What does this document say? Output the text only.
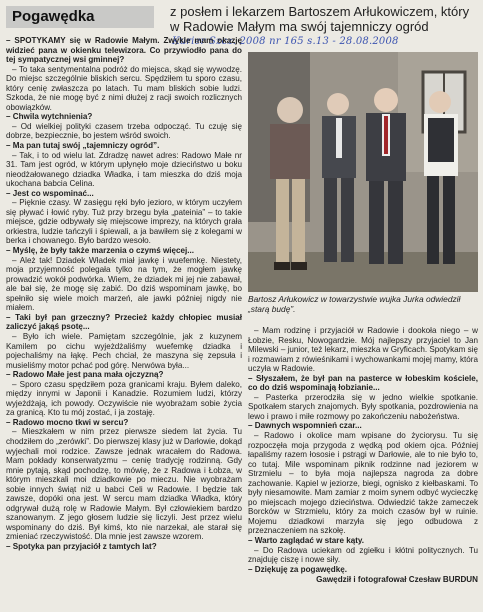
Pogawędka	z posłem i lekarzem Bartoszem Arłukowiczem, który w Radowie Małym ma swój tajemniczy ogród
Kurier Szcz. 2008 nr 165 s.13 - 28.08.2008

– SPOTYKAMY się w Radowie Małym. Zwykle mam okazję widzieć pana w okienku telewizora. Co przywiodło pana do tej sympatycznej wsi gminnej?

– To taka sentymentalna podróż do miejsca, skąd się wywodzę. Do miejsc szczególnie bliskich sercu. Spędziłem tu sporo czasu, który cenię zwłaszcza po latach. Tu mam bliskich sobie ludzi. Szkoda, że nie mogę być z nimi dłużej z racji swoich rozlicznych obowiązków.

– Chwila wytchnienia?

– Od wielkiej polityki czasem trzeba odpocząć. Tu czuję się dobrze, bezpiecznie, bo jestem wśród swoich.

– Ma pan tutaj swój „tajemniczy ogród”.

– Tak, i to od wielu lat. Zdradzę nawet adres: Radowo Małe nr 31. Tam jest ogród, w którym upłynęło moje dzieciństwo u boku nieodżałowanego dziadka Władka, i tam mieszka do dziś moja ukochana babcia Celina.

– Jest co wspominać...

– Pięknie czasy. W zasięgu ręki było jezioro, w którym uczyłem się pływać i łowić ryby. Tuż przy brzegu była „pateinia” – to takie miejsce, gdzie odbywały się miejscowe imprezy, na których grała orkiestra, ludzie tańczyli i śpiewali, a ja bawiłem się z kolegami w berka i chowanego. Było bardzo wesoło.

– Myślę, że były także marzenia o czymś więcej...

– Ależ tak! Dziadek Władek miał jawkę i wuefemkę. Niestety, moja przyjemność polegała tylko na tym, że mogłem jawkę prowadzić wokół podwórka. Wiem, że dziadek mi jej nie zabawał, ale bał się, że mogę się zabić. Do dziś wspominam jawkę, bo spełniło się wiele moich marzeń, ale jawki później nigdy nie miałem.

– Taki był pan grzeczny? Przecież każdy chłopiec musiał zaliczyć jakąś psotę...

– Było ich wiele. Pamiętam szczególnie, jak z kuzynem Kamilem po cichu wyjeżdżaliśmy wuefemkę dziadka i pojechaliśmy na łąkę. Pech chciał, że maszyna się zepsuła i musieliśmy motor pchać pod górę. Nerwówa była...

– Radowo Małe jest pana mała ojczyzną?

– Sporo czasu spędziłem poza granicami kraju. Byłem daleko, między innymi w Japonii i Kanadzie. Rozumiem ludzi, którzy wyjeżdżają, ich powody. Oczywiście nie wyobrażam sobie życia za granicą. Kto tu mój zostać, i ja zostaję.

– Radowo mocno tkwi w sercu?

– Mieszkałem w nim przez pierwsze siedem lat życia. Tu chodziłem do „zerówki”. Do pierwszej klasy już w Darłowie, dokąd wyjechali moi rodzice. Zawsze jednak wracałem do Radowa. Mam pokłady konserwatyzmu – cenię tradycję rodzinną. Gdy mnie pytają, skąd pochodzę, to mówię, że z Radowa i Łobza, w którym mieszkali moi dziadkowie po mieczu. Nie wyobrażam sobie innych świąt niż u babci Celi w Radowie. I będzie tak zawsze, dopóki ona jest. W sercu mam dziadka Władka, który odgrywał dużą rolę w Radowie Małym. Był człowiekiem bardzo szanowanym. Z jego głosem ludzie się liczyli. Jest przez wielu wspominany do dziś. Był kimś, kto nie narzekał, ale starał się zmieniać rzeczywistość. Dla mnie jest zawsze wzorem.

– Spotyka pan przyjaciół z tamtych lat?

Bartosz Arłukowicz w towarzystwie wujka Jurka odwiedził „starą budę”.

– Mam rodzinę i przyjaciół w Radowie i dookoła niego – w Łobzie, Resku, Nowogardzie. Mój najlepszy przyjaciel to Jan Milewski – junior, też lekarz, mieszka w Gryficach. Spotykam się i rozmawiam z rówieśnikami i wychowankami mojej mamy, która uczyła w Radowie.

– Słyszałem, że był pan na pasterce w łobeskim kościele, co do dziś wspominają łobzianie...

– Pasterka przerodziła się w jedno wielkie spotkanie. Spotkałem starych znajomych. Były spotkania, pozdrowienia na lewo i prawo i miłe rozmowy po zakończeniu nabożeństwa.

– Dawnych wspomnień czar...

– Radowo i okolice mam wpisane do życiorysu. Tu się rozpoczęła moja przygoda z wędką pod okiem ojca. Później łapaliśmy razem łososie i pstrągi w Darłowie, ale to nie było to, co tutaj. Mile wspominam piknik rodzinne nad jeziorem w Strzmielu – to była moja najlepsza nagroda za dobre zachowanie. Kąpiel w jeziorze, biegi, ognisko z kiełbaskami. To były niesamowite. Mam zamiar z moim synem odbyć wycieczkę po miejscach mojego dzieciństwa. Odwiedzić także zameczek Borcków w Strzmielu, który za moich czasów był w ruinie. Mojemu dziadkowi marzyła się jego odbudowa z przeznaczeniem na szkołę.

– Warto zaglądać w stare kąty.

– Do Radowa uciekam od zgiełku i kłótni politycznych. Tu znajduję ciszę i nowe siły.

– Dziękuję za pogawędkę.

Gawędził i fotografował Czesław BURDUN
